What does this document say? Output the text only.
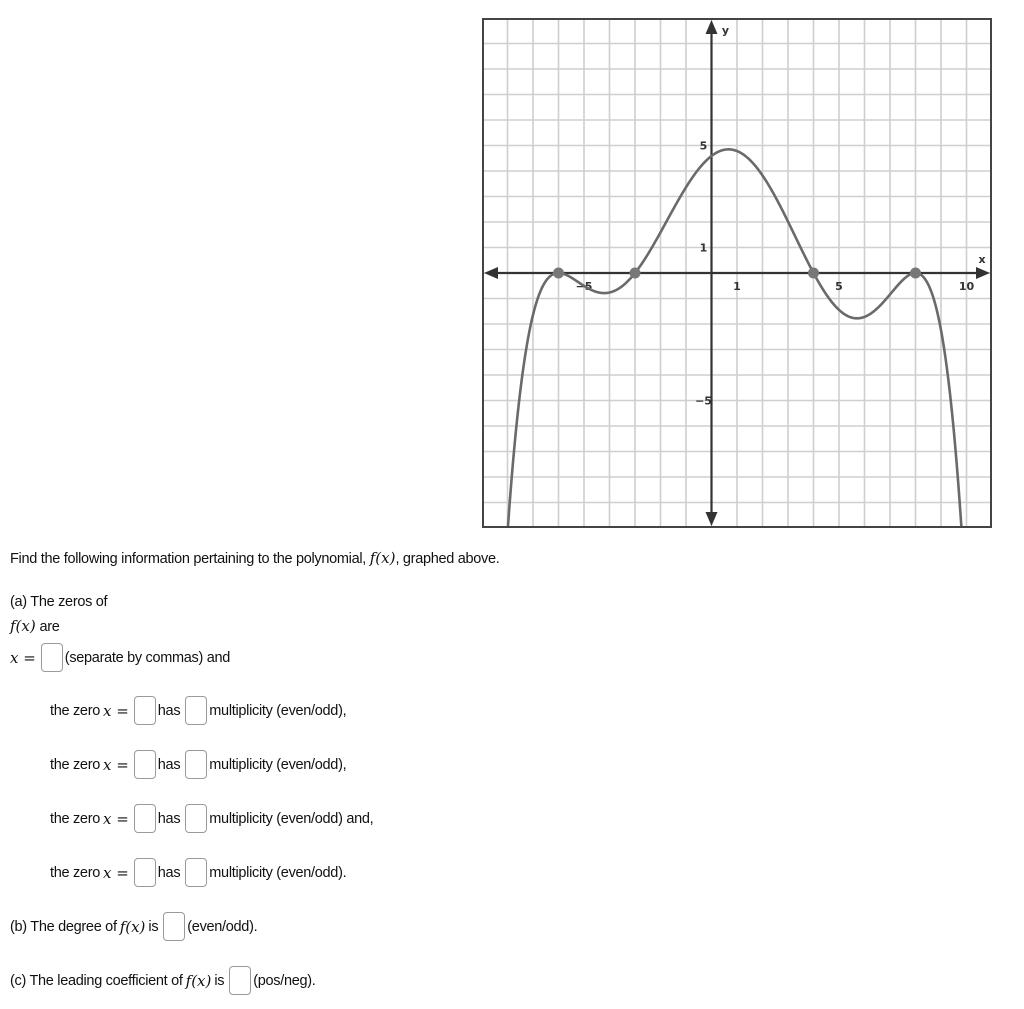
x
y
−5	1	5	10
5
1
−5
Find the following information pertaining to the polynomial, f(x), graphed above.
(a) The zeros of
f(x) are
x = (separate by commas) and
the zero x = has multiplicity (even/odd),
the zero x = has multiplicity (even/odd),
the zero x = has multiplicity (even/odd) and,
the zero x = has multiplicity (even/odd).
(b) The degree of f(x) is (even/odd).
(c) The leading coefficient of f(x) is (pos/neg).
